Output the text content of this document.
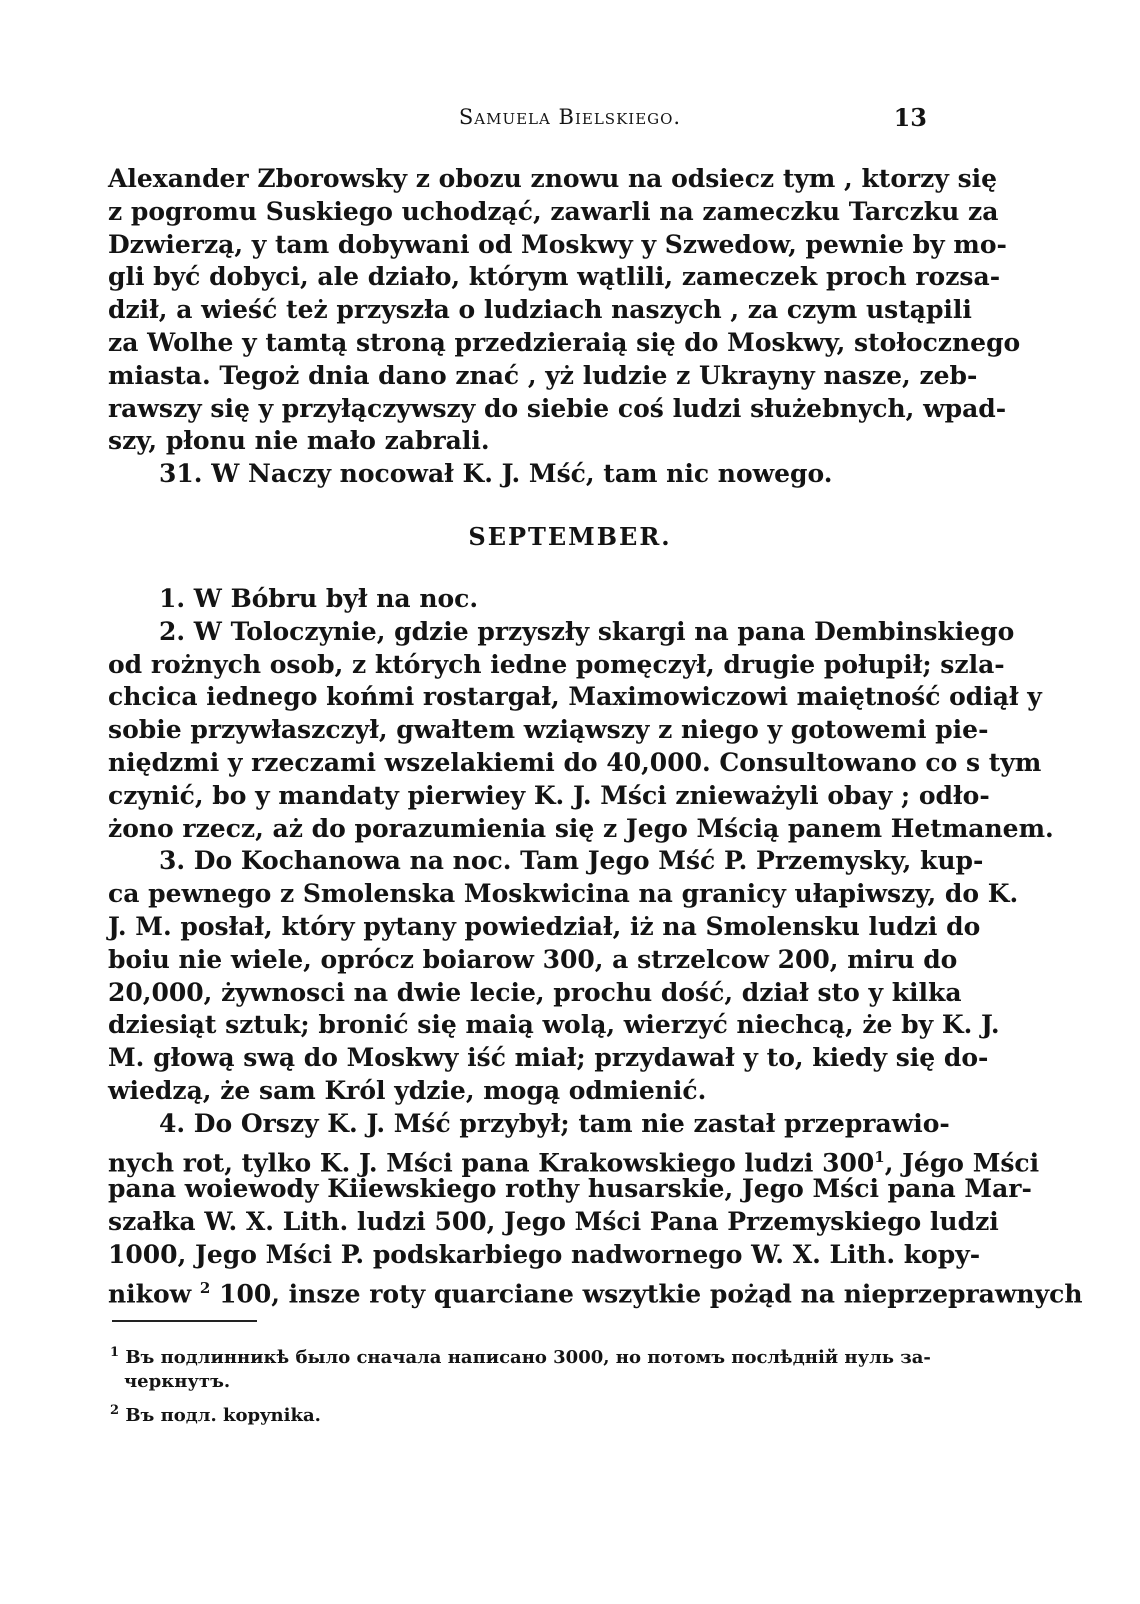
Samuela Bielskiego.	13
Alexander Zborowsky z obozu znowu na odsiecz tym , ktorzy się
z pogromu Suskiego uchodząć, zawarli na zameczku Tarczku za
Dzwierzą, y tam dobywani od Moskwy y Szwedow, pewnie by mo-
gli być dobyci, ale działo, którym wątlili, zameczek proch rozsa-
dził, a wieść też przyszła o ludziach naszych , za czym ustąpili
za Wolhe y tamtą stroną przedzieraią się do Moskwy, stołocznego
miasta. Tegoż dnia dano znać , yż ludzie z Ukrayny nasze, zeb-
rawszy się y przyłączywszy do siebie coś ludzi służebnych, wpad-
szy, płonu nie mało zabrali.
31. W Naczy nocował K. J. Mść, tam nic nowego.
SEPTEMBER.
1. W Bóbru był na noc.
2. W Toloczynie, gdzie przyszły skargi na pana Dembinskiego
od rożnych osob, z których iedne pomęczył, drugie połupił; szla-
chcica iednego końmi rostargał, Maximowiczowi maiętność odiął y
sobie przywłaszczył, gwałtem wziąwszy z niego y gotowemi pie-
niędzmi y rzeczami wszelakiemi do 40,000. Consultowano co s tym
czynić, bo y mandaty pierwiey K. J. Mści znieważyli obay ; odło-
żono rzecz, aż do porazumienia się z Jego Mścią panem Hetmanem.
3. Do Kochanowa na noc. Tam Jego Mść P. Przemysky, kup-
ca pewnego z Smolenska Moskwicina na granicy ułapiwszy, do K.
J. M. posłał, który pytany powiedział, iż na Smolensku ludzi do
boiu nie wiele, oprócz boiarow 300, a strzelcow 200, miru do
20,000, żywnosci na dwie lecie, prochu dość, dział sto y kilka
dziesiąt sztuk; bronić się maią wolą, wierzyć niechcą, że by K. J.
M. głową swą do Moskwy iść miał; przydawał y to, kiedy się do-
wiedzą, że sam Król ydzie, mogą odmienić.
4. Do Orszy K. J. Mść przybył; tam nie zastał przeprawio-
nych rot, tylko K. J. Mści pana Krakowskiego ludzi $300^1$, Jégo Mści
pana woiewody Kiiewskiego rothy husarskie, Jego Mści pana Mar-
szałka W. X. Lith. ludzi 500, Jego Mści Pana Przemyskiego ludzi
1000, Jego Mści P. podskarbiego nadwornego W. X. Lith. kopy-
nikow $^2$ 100, insze roty quarciane wszytkie pożąd na nieprzeprawnych
$^1$ Въ подлинникѣ было сначала написано 3000, но потомъ послѣднiй нуль за-
черкнутъ.
$^2$ Въ подл. kopynika.
